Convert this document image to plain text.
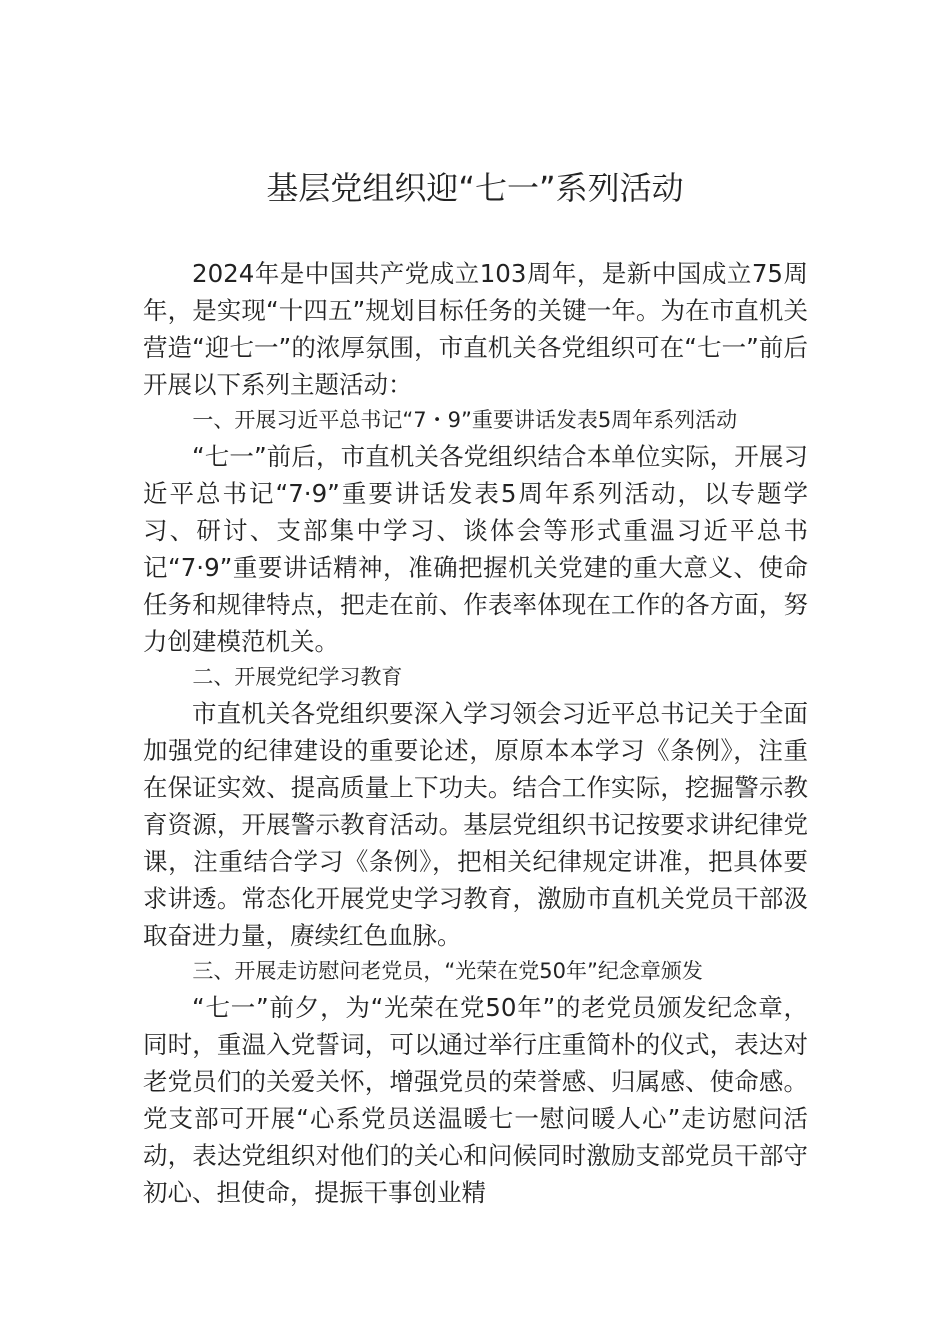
基层党组织迎“七一”系列活动

2024年是中国共产党成立103周年，是新中国成立75周年，是实现“十四五”规划目标任务的关键一年。为在市直机关营造“迎七一”的浓厚氛围，市直机关各党组织可在“七一”前后开展以下系列主题活动：

一、开展习近平总书记“7・9”重要讲话发表5周年系列活动

“七一”前后，市直机关各党组织结合本单位实际，开展习近平总书记“7·9”重要讲话发表5周年系列活动，以专题学习、研讨、支部集中学习、谈体会等形式重温习近平总书记“7·9”重要讲话精神，准确把握机关党建的重大意义、使命任务和规律特点，把走在前、作表率体现在工作的各方面，努力创建模范机关。

二、开展党纪学习教育

市直机关各党组织要深入学习领会习近平总书记关于全面加强党的纪律建设的重要论述，原原本本学习《条例》，注重在保证实效、提高质量上下功夫。结合工作实际，挖掘警示教育资源，开展警示教育活动。基层党组织书记按要求讲纪律党课，注重结合学习《条例》，把相关纪律规定讲准，把具体要求讲透。常态化开展党史学习教育，激励市直机关党员干部汲取奋进力量，赓续红色血脉。

三、开展走访慰问老党员，“光荣在党50年”纪念章颁发

“七一”前夕，为“光荣在党50年”的老党员颁发纪念章，同时，重温入党誓词，可以通过举行庄重简朴的仪式，表达对老党员们的关爱关怀，增强党员的荣誉感、归属感、使命感。党支部可开展“心系党员送温暖七一慰问暖人心”走访慰问活动，表达党组织对他们的关心和问候同时激励支部党员干部守初心、担使命，提振干事创业精
